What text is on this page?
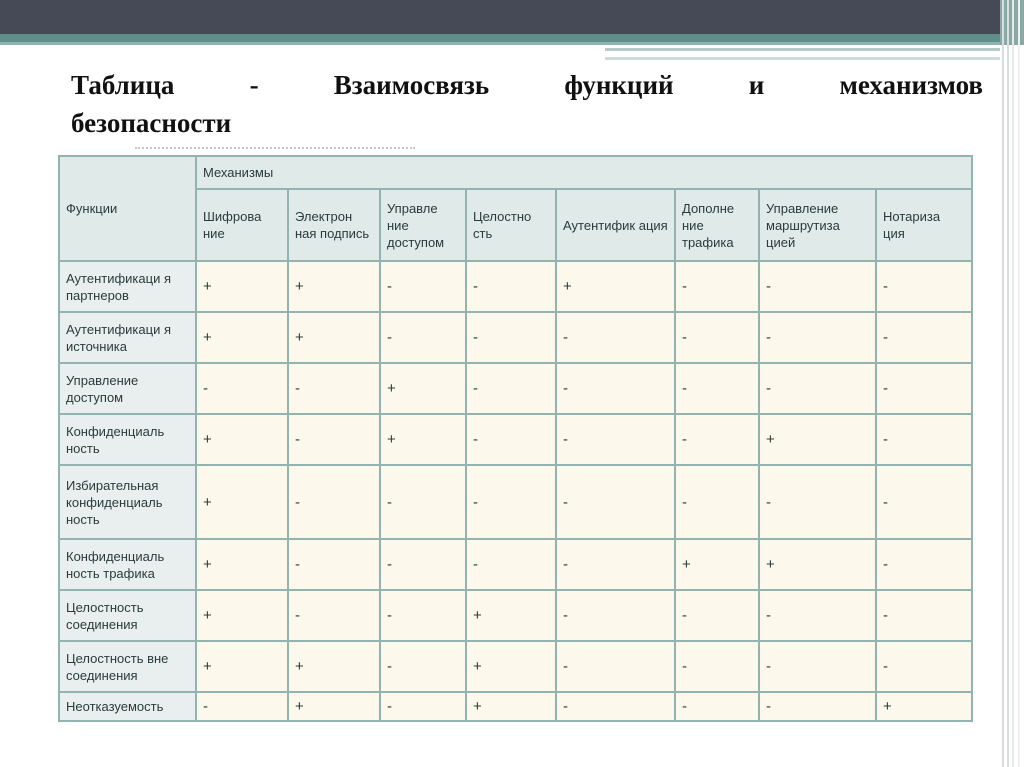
Таблица	-	Взаимосвязь	функций	и	механизмов
безопасности
Функции	Механизмы							
	Шифрова ние	Электрон ная подпись	Управле ние доступом	Целостно сть	Аутентифик ация	Дополне ние трафика	Управление маршрутиза цией	Нотариза ция
Аутентификаци я партнеров	+	+	-	-	+	-	-	-
Аутентификаци я источника	+	+	-	-	-	-	-	-
Управление доступом	-	-	+	-	-	-	-	-
Конфиденциаль ность	+	-	+	-	-	-	+	-
Избирательная конфиденциаль ность	+	-	-	-	-	-	-	-
Конфиденциаль ность трафика	+	-	-	-	-	+	+	-
Целостность соединения	+	-	-	+	-	-	-	-
Целостность вне соединения	+	+	-	+	-	-	-	-
Неотказуемость	-	+	-	+	-	-	-	+
